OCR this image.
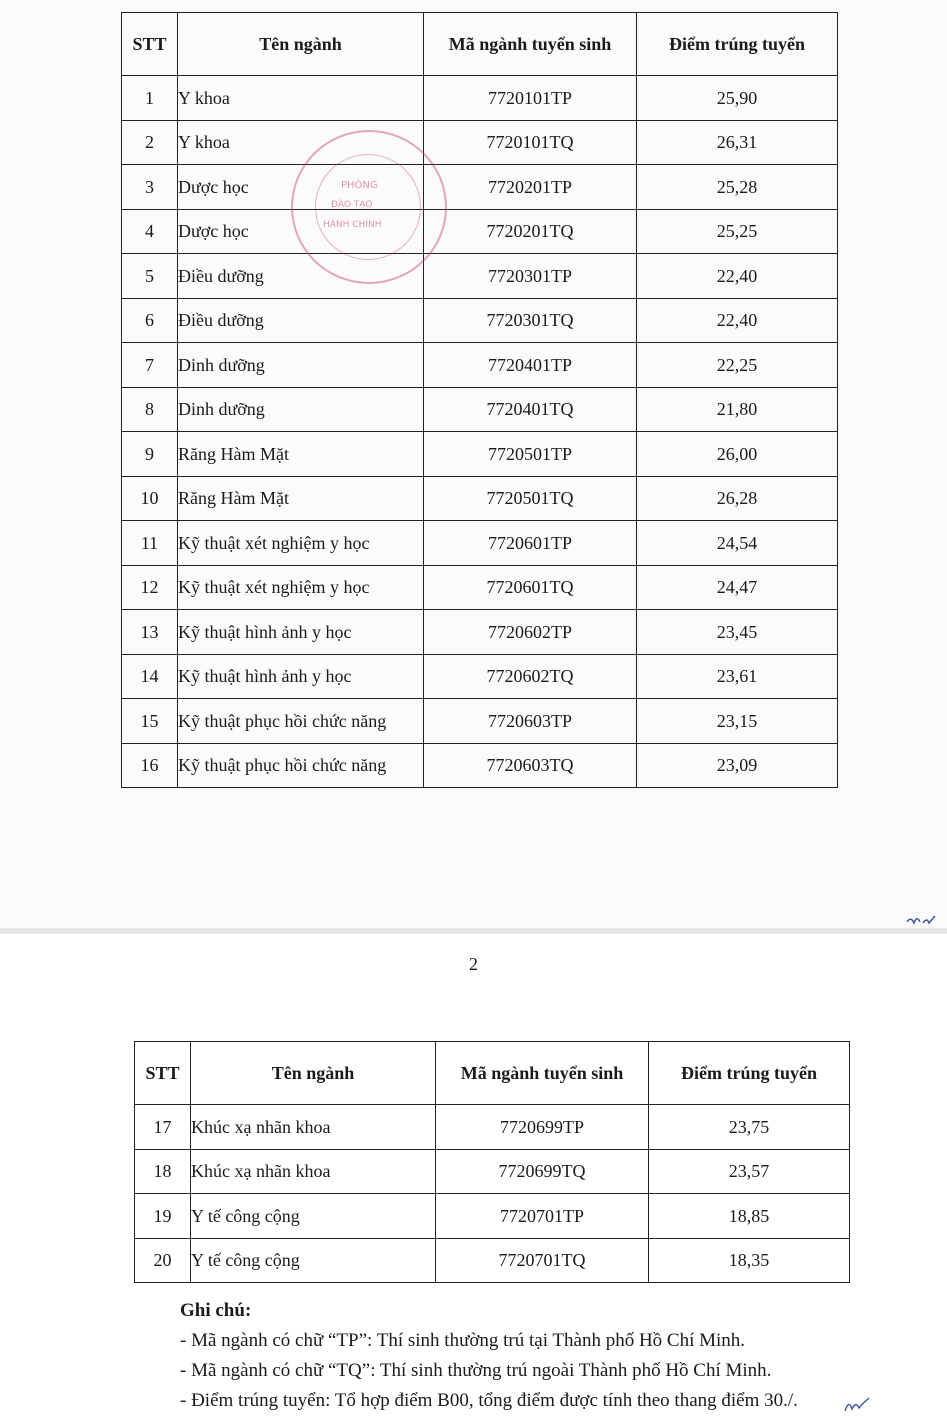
STT	Tên ngành	Mã ngành tuyển sinh	Điểm trúng tuyển
1	Y khoa	7720101TP	25,90
2	Y khoa	7720101TQ	26,31
3	Dược học	7720201TP	25,28
4	Dược học	7720201TQ	25,25
5	Điều dưỡng	7720301TP	22,40
6	Điều dưỡng	7720301TQ	22,40
7	Dinh dưỡng	7720401TP	22,25
8	Dinh dưỡng	7720401TQ	21,80
9	Răng Hàm Mặt	7720501TP	26,00
10	Răng Hàm Mặt	7720501TQ	26,28
11	Kỹ thuật xét nghiệm y học	7720601TP	24,54
12	Kỹ thuật xét nghiệm y học	7720601TQ	24,47
13	Kỹ thuật hình ảnh y học	7720602TP	23,45
14	Kỹ thuật hình ảnh y học	7720602TQ	23,61
15	Kỹ thuật phục hồi chức năng	7720603TP	23,15
16	Kỹ thuật phục hồi chức năng	7720603TQ	23,09
PHÒNG
ĐÀO TẠO
HÀNH CHÍNH
2
STT	Tên ngành	Mã ngành tuyển sinh	Điểm trúng tuyển
17	Khúc xạ nhãn khoa	7720699TP	23,75
18	Khúc xạ nhãn khoa	7720699TQ	23,57
19	Y tế công cộng	7720701TP	18,85
20	Y tế công cộng	7720701TQ	18,35
Ghi chú:
- Mã ngành có chữ “TP”: Thí sinh thường trú tại Thành phố Hồ Chí Minh.
- Mã ngành có chữ “TQ”: Thí sinh thường trú ngoài Thành phố Hồ Chí Minh.
- Điểm trúng tuyển: Tổ hợp điểm B00, tổng điểm được tính theo thang điểm 30./.
